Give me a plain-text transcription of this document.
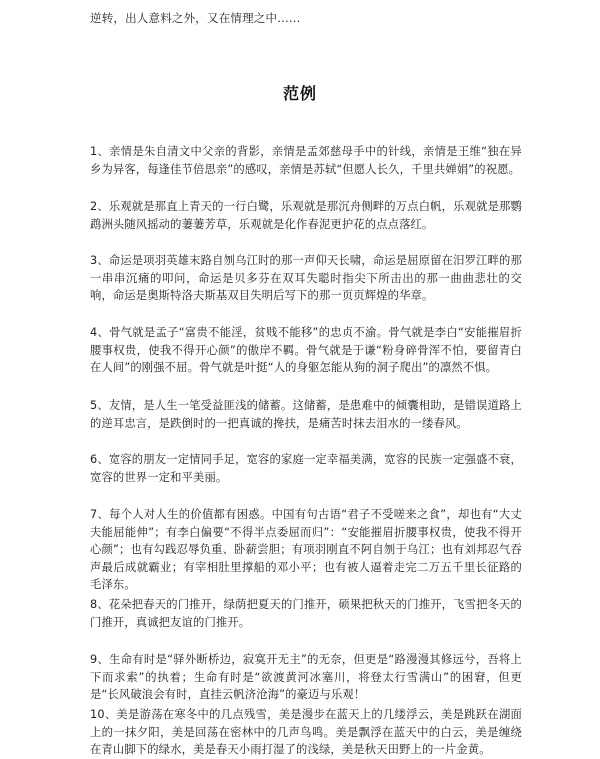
逆转，出人意料之外，又在情理之中……
范例
1、亲情是朱自清文中父亲的背影，亲情是孟郊慈母手中的针线，亲情是王维“独在异乡为异客，每逢佳节倍思亲”的感叹，亲情是苏轼“但愿人长久，千里共婵娟”的祝愿。
2、乐观就是那直上青天的一行白鹭，乐观就是那沉舟侧畔的万点白帆，乐观就是那鹦鹉洲头随风摇动的萋萋芳草，乐观就是化作春泥更护花的点点落红。
3、命运是项羽英雄末路自刎乌江时的那一声仰天长啸，命运是屈原留在汨罗江畔的那一串串沉痛的叩问，命运是贝多芬在双耳失聪时指尖下所击出的那一曲曲悲壮的交响，命运是奥斯特洛夫斯基双目失明后写下的那一页页辉煌的华章。
4、骨气就是孟子“富贵不能淫，贫贱不能移”的忠贞不渝。骨气就是李白“安能摧眉折腰事权贵，使我不得开心颜”的傲岸不羁。骨气就是于谦“粉身碎骨浑不怕，要留青白在人间”的刚强不屈。骨气就是叶挺“人的身躯怎能从狗的洞子爬出”的凛然不惧。
5、友情，是人生一笔受益匪浅的储蓄。这储蓄，是患难中的倾囊相助，是错误道路上的逆耳忠言，是跌倒时的一把真诚的搀扶，是痛苦时抹去泪水的一缕春风。
6、宽容的朋友一定情同手足，宽容的家庭一定幸福美满，宽容的民族一定强盛不衰，宽容的世界一定和平美丽。
7、每个人对人生的价值都有困惑。中国有句古语“君子不受嗟来之食”，却也有“大丈夫能屈能伸”；有李白偏要“不得半点委屈而归”：“安能摧眉折腰事权贵，使我不得开心颜”；也有勾践忍辱负重、卧薪尝胆；有项羽刚直不阿自刎于乌江；也有刘邦忍气吞声最后成就霸业；有宰相肚里撑船的邓小平；也有被人逼着走完二万五千里长征路的毛泽东。
8、花朵把春天的门推开，绿荫把夏天的门推开，硕果把秋天的门推开，飞雪把冬天的门推开，真诚把友谊的门推开。
9、生命有时是“驿外断桥边，寂寞开无主”的无奈，但更是“路漫漫其修远兮，吾将上下而求索”的执着；生命有时是“欲渡黄河冰塞川，将登太行雪满山”的困窘，但更是“长风破浪会有时，直挂云帆济沧海”的豪迈与乐观！
10、美是游荡在寒冬中的几点残雪，美是漫步在蓝天上的几缕浮云，美是跳跃在湖面上的一抹夕阳，美是回荡在密林中的几声鸟鸣。美是飘浮在蓝天中的白云，美是缠绕在青山脚下的绿水，美是春天小雨打湿了的浅绿，美是秋天田野上的一片金黄。
